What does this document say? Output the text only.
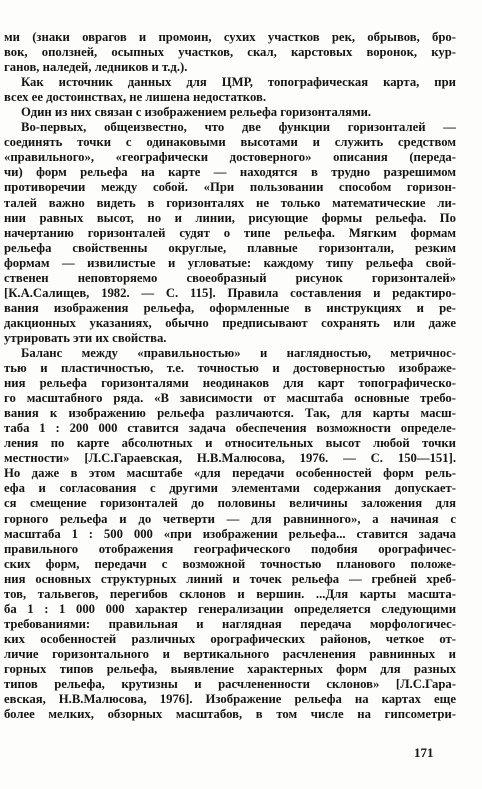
ми (знаки оврагов и промоин, сухих участков рек, обрывов, бро-
вок, оползней, осыпных участков, скал, карстовых воронок, кур-
ганов, наледей, ледников и т.д.).
Как источник данных для ЦМР, топографическая карта, при
всех ее достоинствах, не лишена недостатков.
Один из них связан с изображением рельефа горизонталями.
Во-первых, общеизвестно, что две функции горизонталей —
соединять точки с одинаковыми высотами и служить средством
«правильного», «географически достоверного» описания (переда-
чи) форм рельефа на карте — находятся в трудно разрешимом
противоречии между собой. «При пользовании способом горизон-
талей важно видеть в горизонталях не только математические ли-
нии равных высот, но и линии, рисующие формы рельефа. По
начертанию горизонталей судят о типе рельефа. Мягким формам
рельефа свойственны округлые, плавные горизонтали, резким
формам — извилистые и угловатые: каждому типу рельефа свой-
ственен неповторяемо своеобразный рисунок горизонталей»
[К.А.Салищев, 1982. — С. 115]. Правила составления и редактиро-
вания изображения рельефа, оформленные в инструкциях и ре-
дакционных указаниях, обычно предписывают сохранять или даже
утрировать эти их свойства.
Баланс между «правильностью» и наглядностью, метричнос-
тью и пластичностью, т.е. точностью и достоверностью изображе-
ния рельефа горизонталями неодинаков для карт топографическо-
го масштабного ряда. «В зависимости от масштаба основные требо-
вания к изображению рельефа различаются. Так, для карты масш-
таба 1 : 200 000 ставится задача обеспечения возможности определе-
ления по карте абсолютных и относительных высот любой точки
местности» [Л.С.Гараевская, Н.В.Малюсова, 1976. — С. 150—151].
Но даже в этом масштабе «для передачи особенностей форм рель-
ефа и согласования с другими элементами содержания допускает-
ся смещение горизонталей до половины величины заложения для
горного рельефа и до четверти — для равнинного», а начиная с
масштаба 1 : 500 000 «при изображении рельефа... ставится задача
правильного отображения географического подобия орографичес-
ских форм, передачи с возможной точностью планового положе-
ния основных структурных линий и точек рельефа — гребней хреб-
тов, тальвегов, перегибов склонов и вершин. ...Для карты масшта-
ба 1 : 1 000 000 характер генерализации определяется следующими
требованиями: правильная и наглядная передача морфологичес-
ких особенностей различных орографических районов, четкое от-
личие горизонтального и вертикального расчленения равнинных и
горных типов рельефа, выявление характерных форм для разных
типов рельефа, крутизны и расчлененности склонов» [Л.С.Гара-
евская, Н.В.Малюсова, 1976]. Изображение рельефа на картах еще
более мелких, обзорных масштабов, в том числе на гипсометри-
171
